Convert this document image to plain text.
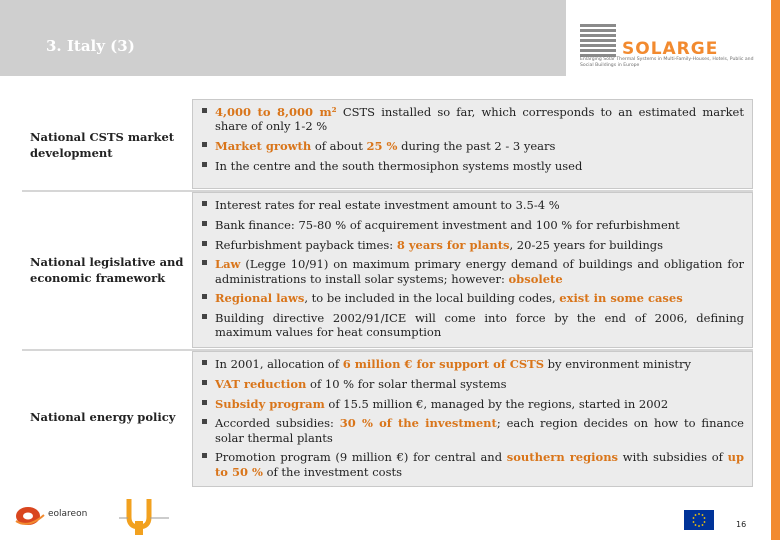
3. Italy (3)	SOLARGE
Enlarging Solar Thermal Systems in Multi-Family-Houses, Hotels, Public and Social Buildings in Europe
National CSTS market development
4,000 to 8,000 m² CSTS installed so far, which corresponds to an estimated market share of only 1-2 %
Market growth of about 25 % during the past 2 - 3 years
In the centre and the south thermosiphon systems mostly used
National legislative and economic framework
Interest rates for real estate investment amount to 3.5-4 %
Bank finance: 75-80 % of acquirement investment and 100 % for refurbishment
Refurbishment payback times: 8 years for plants, 20-25 years for buildings
Law (Legge 10/91) on maximum primary energy demand of buildings and obligation for administrations to install solar systems; however: obsolete
Regional laws, to be included in the local building codes, exist in some cases
Building directive 2002/91/ICE will come into force by the end of 2006, defining maximum values for heat consumption
National energy policy
In 2001, allocation of 6 million € for support of CSTS by environment ministry
VAT reduction of 10 % for solar thermal systems
Subsidy program of 15.5 million €, managed by the regions, started in 2002
Accorded subsidies: 30 % of the investment; each region decides on how to finance solar thermal plants
Promotion program (9 million €) for central and southern regions with subsidies of up to 50 % of the investment costs
eolareon
16
